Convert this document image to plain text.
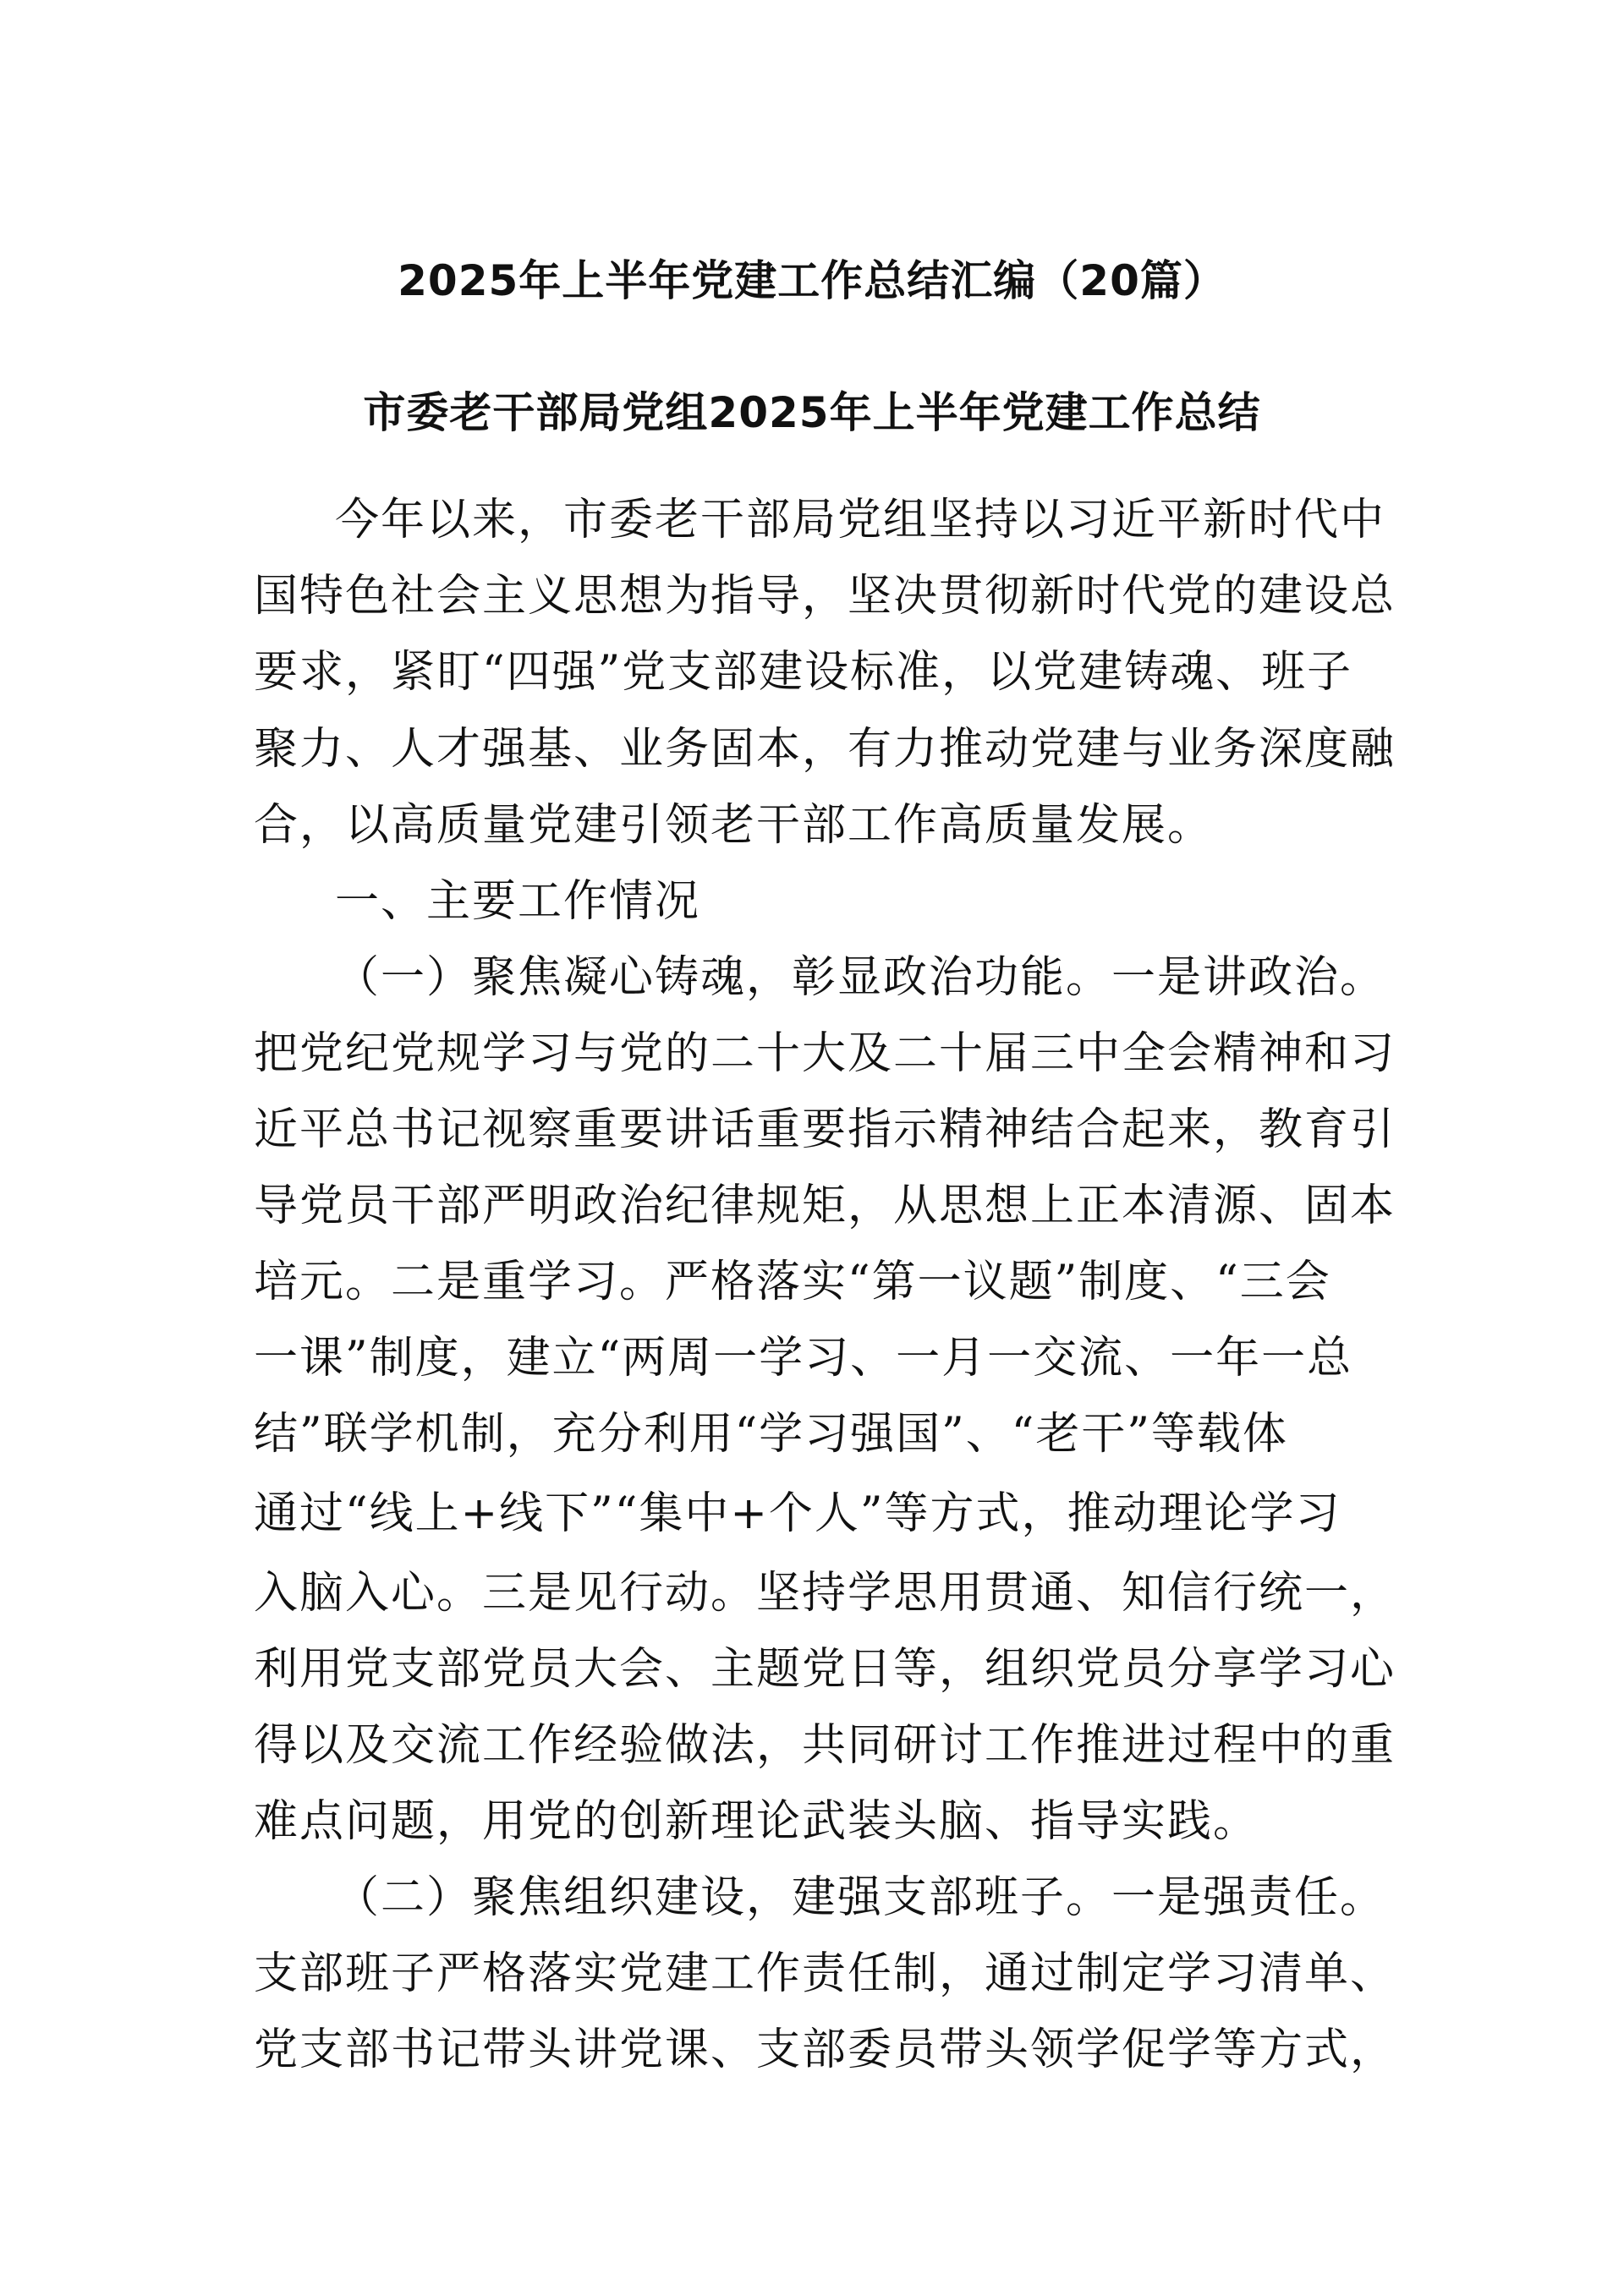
2025年上半年党建工作总结汇编（20篇）
市委老干部局党组2025年上半年党建工作总结

今年以来，市委老干部局党组坚持以习近平新时代中

国特色社会主义思想为指导，坚决贯彻新时代党的建设总

要求，紧盯“四强”党支部建设标准，以党建铸魂、班子

聚力、人才强基、业务固本，有力推动党建与业务深度融

合，以高质量党建引领老干部工作高质量发展。

一、主要工作情况

（一）聚焦凝心铸魂，彰显政治功能。一是讲政治。

把党纪党规学习与党的二十大及二十届三中全会精神和习

近平总书记视察重要讲话重要指示精神结合起来，教育引

导党员干部严明政治纪律规矩，从思想上正本清源、固本

培元。二是重学习。严格落实“第一议题”制度、“三会

一课”制度，建立“两周一学习、一月一交流、一年一总

结”联学机制，充分利用“学习强国”、“老干”等载体

通过“线上+线下”“集中+个人”等方式，推动理论学习

入脑入心。三是见行动。坚持学思用贯通、知信行统一，

利用党支部党员大会、主题党日等，组织党员分享学习心

得以及交流工作经验做法，共同研讨工作推进过程中的重

难点问题，用党的创新理论武装头脑、指导实践。

（二）聚焦组织建设，建强支部班子。一是强责任。

支部班子严格落实党建工作责任制，通过制定学习清单、

党支部书记带头讲党课、支部委员带头领学促学等方式，
